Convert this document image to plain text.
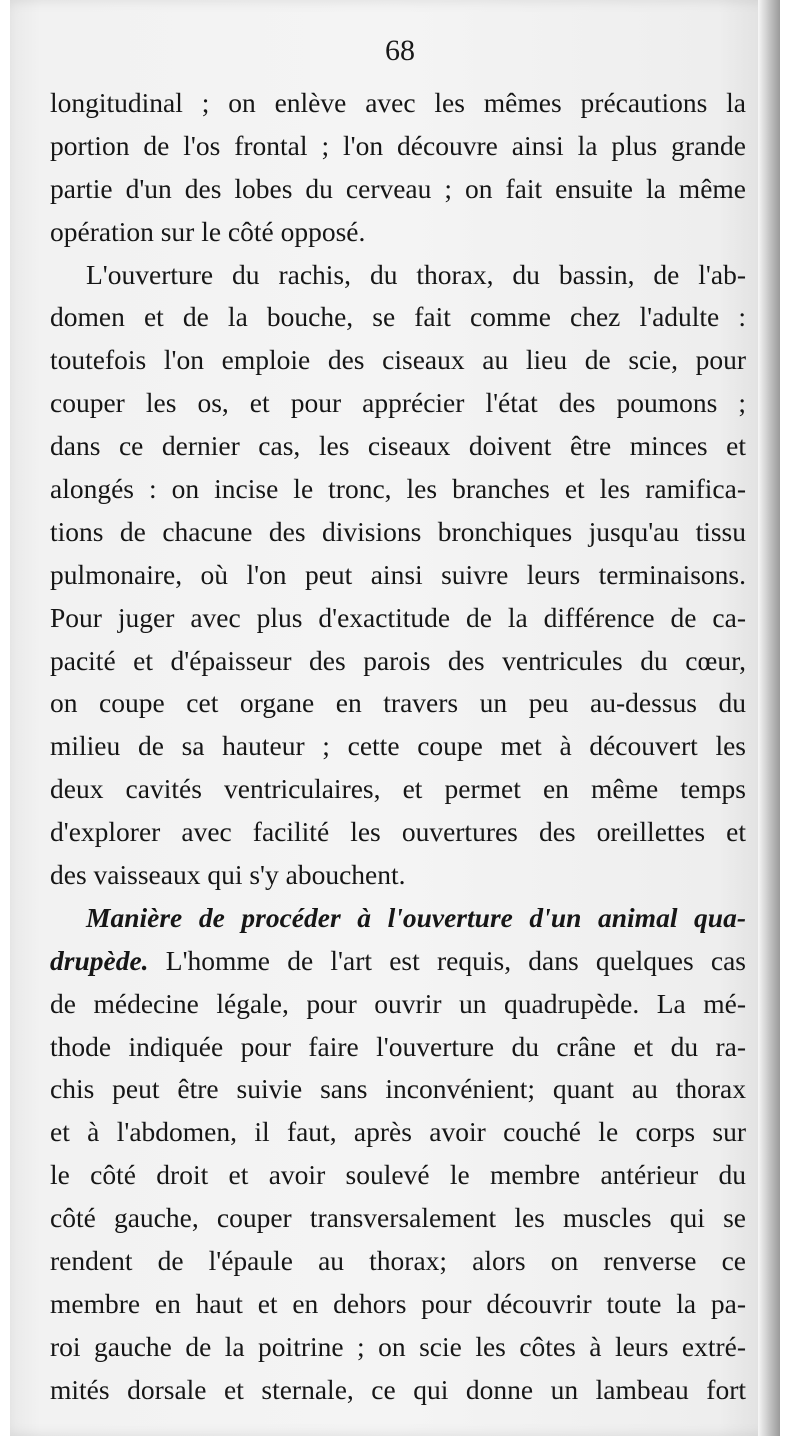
68
longitudinal ; on enlève avec les mêmes précautions la
portion de l'os frontal ; l'on découvre ainsi la plus grande
partie d'un des lobes du cerveau ; on fait ensuite la même
opération sur le côté opposé.
L'ouverture du rachis, du thorax, du bassin, de l'ab-
domen et de la bouche, se fait comme chez l'adulte :
toutefois l'on emploie des ciseaux au lieu de scie, pour
couper les os, et pour apprécier l'état des poumons ;
dans ce dernier cas, les ciseaux doivent être minces et
alongés : on incise le tronc, les branches et les ramifica-
tions de chacune des divisions bronchiques jusqu'au tissu
pulmonaire, où l'on peut ainsi suivre leurs terminaisons.
Pour juger avec plus d'exactitude de la différence de ca-
pacité et d'épaisseur des parois des ventricules du cœur,
on coupe cet organe en travers un peu au-dessus du
milieu de sa hauteur ; cette coupe met à découvert les
deux cavités ventriculaires, et permet en même temps
d'explorer avec facilité les ouvertures des oreillettes et
des vaisseaux qui s'y abouchent.
Manière de procéder à l'ouverture d'un animal qua-
drupède. L'homme de l'art est requis, dans quelques cas
de médecine légale, pour ouvrir un quadrupède. La mé-
thode indiquée pour faire l'ouverture du crâne et du ra-
chis peut être suivie sans inconvénient; quant au thorax
et à l'abdomen, il faut, après avoir couché le corps sur
le côté droit et avoir soulevé le membre antérieur du
côté gauche, couper transversalement les muscles qui se
rendent de l'épaule au thorax; alors on renverse ce
membre en haut et en dehors pour découvrir toute la pa-
roi gauche de la poitrine ; on scie les côtes à leurs extré-
mités dorsale et sternale, ce qui donne un lambeau fort
